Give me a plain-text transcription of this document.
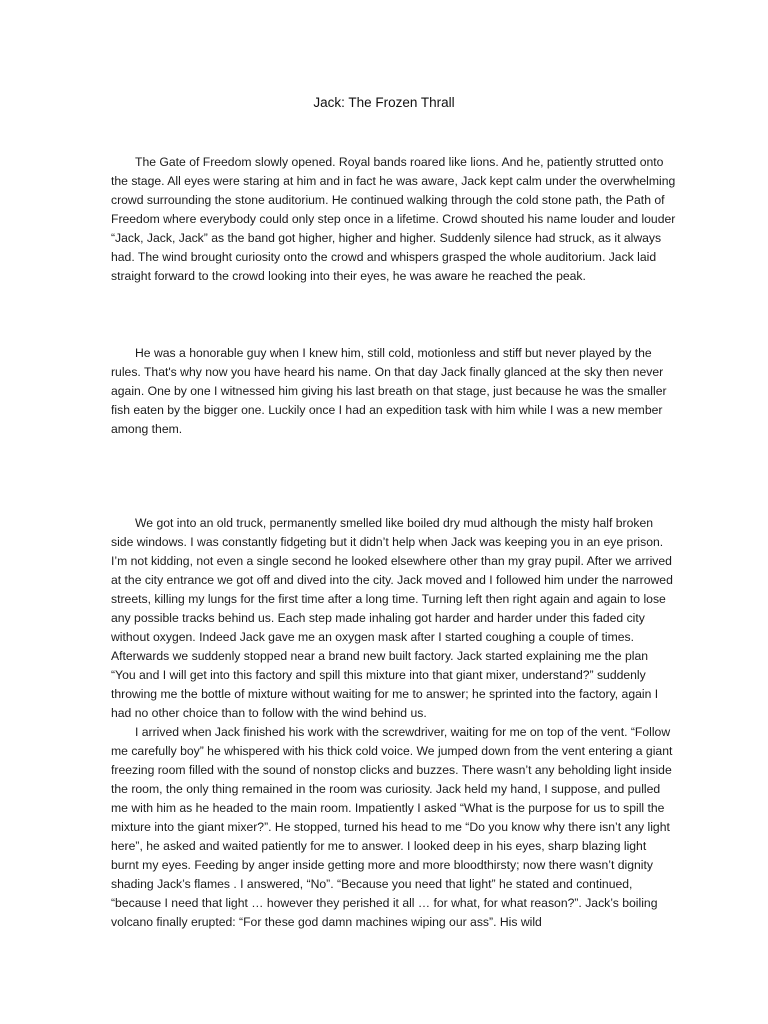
Jack: The Frozen Thrall

The Gate of Freedom slowly opened. Royal bands roared like lions. And he, patiently strutted onto the stage. All eyes were staring at him and in fact he was aware, Jack kept calm under the overwhelming crowd surrounding the stone auditorium. He continued walking through the cold stone path, the Path of Freedom where everybody could only step once in a lifetime. Crowd shouted his name louder and louder “Jack, Jack, Jack” as the band got higher, higher and higher. Suddenly silence had struck, as it always had. The wind brought curiosity onto the crowd and whispers grasped the whole auditorium. Jack laid straight forward to the crowd looking into their eyes, he was aware he reached the peak.

He was a honorable guy when I knew him, still cold, motionless and stiff but never played by the rules. That's why now you have heard his name. On that day Jack finally glanced at the sky then never again. One by one I witnessed him giving his last breath on that stage, just because he was the smaller fish eaten by the bigger one. Luckily once I had an expedition task with him while I was a new member among them.

We got into an old truck, permanently smelled like boiled dry mud although the misty half broken side windows. I was constantly fidgeting but it didn’t help when Jack was keeping you in an eye prison. I’m not kidding, not even a single second he looked elsewhere other than my gray pupil. After we arrived at the city entrance we got off and dived into the city. Jack moved and I followed him under the narrowed streets, killing my lungs for the first time after a long time. Turning left then right again and again to lose any possible tracks behind us. Each step made inhaling got harder and harder under this faded city without oxygen. Indeed Jack gave me an oxygen mask after I started coughing a couple of times. Afterwards we suddenly stopped near a brand new built factory. Jack started explaining me the plan “You and I will get into this factory and spill this mixture into that giant mixer, understand?” suddenly throwing me the bottle of mixture without waiting for me to answer; he sprinted into the factory, again I had no other choice than to follow with the wind behind us.

I arrived when Jack finished his work with the screwdriver, waiting for me on top of the vent. “Follow me carefully boy” he whispered with his thick cold voice. We jumped down from the vent entering a giant freezing room filled with the sound of nonstop clicks and buzzes. There wasn’t any beholding light inside the room, the only thing remained in the room was curiosity. Jack held my hand, I suppose, and pulled me with him as he headed to the main room. Impatiently I asked “What is the purpose for us to spill the mixture into the giant mixer?”. He stopped, turned his head to me “Do you know why there isn’t any light here”, he asked and waited patiently for me to answer. I looked deep in his eyes, sharp blazing light burnt my eyes. Feeding by anger inside getting more and more bloodthirsty; now there wasn’t dignity shading Jack’s flames . I answered, “No”. “Because you need that light” he stated and continued, “because I need that light … however they perished it all … for what, for what reason?”. Jack’s boiling volcano finally erupted: “For these god damn machines wiping our ass”. His wild
